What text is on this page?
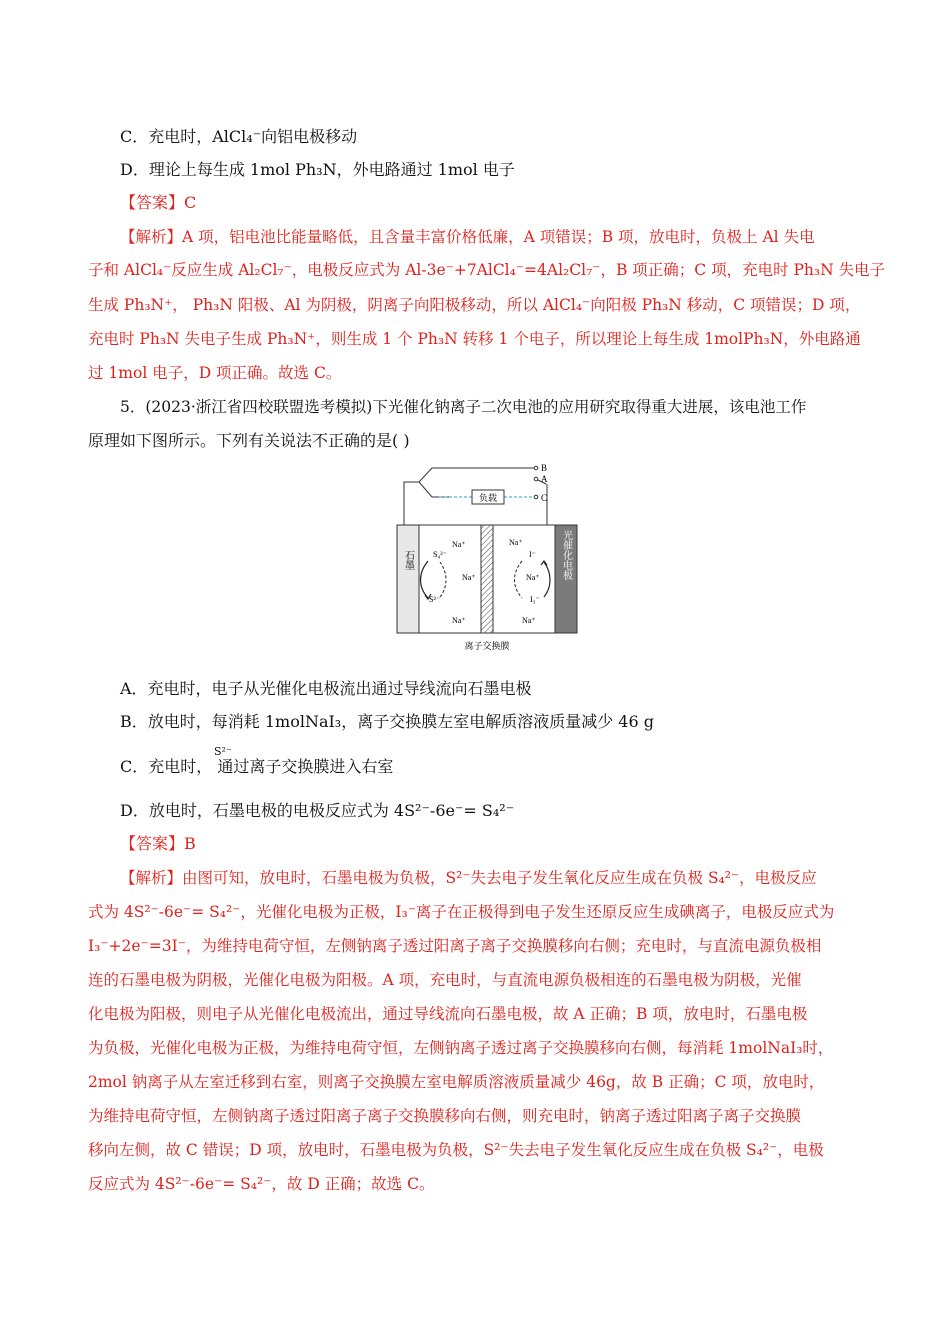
C．充电时，AlCl₄⁻向铝电极移动
D．理论上每生成 1mol Ph₃N，外电路通过 1mol 电子
【答案】C
【解析】A 项，铝电池比能量略低，且含量丰富价格低廉，A 项错误；B 项，放电时，负极上 Al 失电
子和 AlCl₄⁻反应生成 Al₂Cl₇⁻，电极反应式为 Al-3e⁻+7AlCl₄⁻=4Al₂Cl₇⁻，B 项正确；C 项，充电时 Ph₃N 失电子
生成 Ph₃N⁺， Ph₃N 阳极、Al 为阴极，阴离子向阳极移动，所以 AlCl₄⁻向阳极 Ph₃N 移动，C 项错误；D 项，
充电时 Ph₃N 失电子生成 Ph₃N⁺，则生成 1 个 Ph₃N 转移 1 个电子，所以理论上每生成 1molPh₃N，外电路通
过 1mol 电子，D 项正确。故选 C。
5．(2023·浙江省四校联盟选考模拟)下光催化钠离子二次电池的应用研究取得重大进展，该电池工作
原理如下图所示。下列有关说法不正确的是( )
B
A
C
负载
石墨	光催化电极
Na⁺
Na⁺
Na⁺
S₄²⁻
S²⁻
Na⁺
Na⁺
Na⁺
I⁻
I₃⁻
离子交换膜
A．充电时，电子从光催化电极流出通过导线流向石墨电极
B．放电时，每消耗 1molNaI₃，离子交换膜左室电解质溶液质量减少 46 g
S²⁻
C．充电时， 通过离子交换膜进入右室
D．放电时，石墨电极的电极反应式为 4S²⁻-6e⁻= S₄²⁻
【答案】B
【解析】由图可知，放电时，石墨电极为负极，S²⁻失去电子发生氧化反应生成在负极 S₄²⁻，电极反应
式为 4S²⁻-6e⁻= S₄²⁻，光催化电极为正极，I₃⁻离子在正极得到电子发生还原反应生成碘离子，电极反应式为
I₃⁻+2e⁻=3I⁻，为维持电荷守恒，左侧钠离子透过阳离子离子交换膜移向右侧；充电时，与直流电源负极相
连的石墨电极为阴极，光催化电极为阳极。A 项，充电时，与直流电源负极相连的石墨电极为阴极，光催
化电极为阳极，则电子从光催化电极流出，通过导线流向石墨电极，故 A 正确；B 项，放电时，石墨电极
为负极，光催化电极为正极，为维持电荷守恒，左侧钠离子透过离子交换膜移向右侧，每消耗 1molNaI₃时，
2mol 钠离子从左室迁移到右室，则离子交换膜左室电解质溶液质量减少 46g，故 B 正确；C 项，放电时，
为维持电荷守恒，左侧钠离子透过阳离子离子交换膜移向右侧，则充电时，钠离子透过阳离子离子交换膜
移向左侧，故 C 错误；D 项，放电时，石墨电极为负极，S²⁻失去电子发生氧化反应生成在负极 S₄²⁻，电极
反应式为 4S²⁻-6e⁻= S₄²⁻，故 D 正确；故选 C。
